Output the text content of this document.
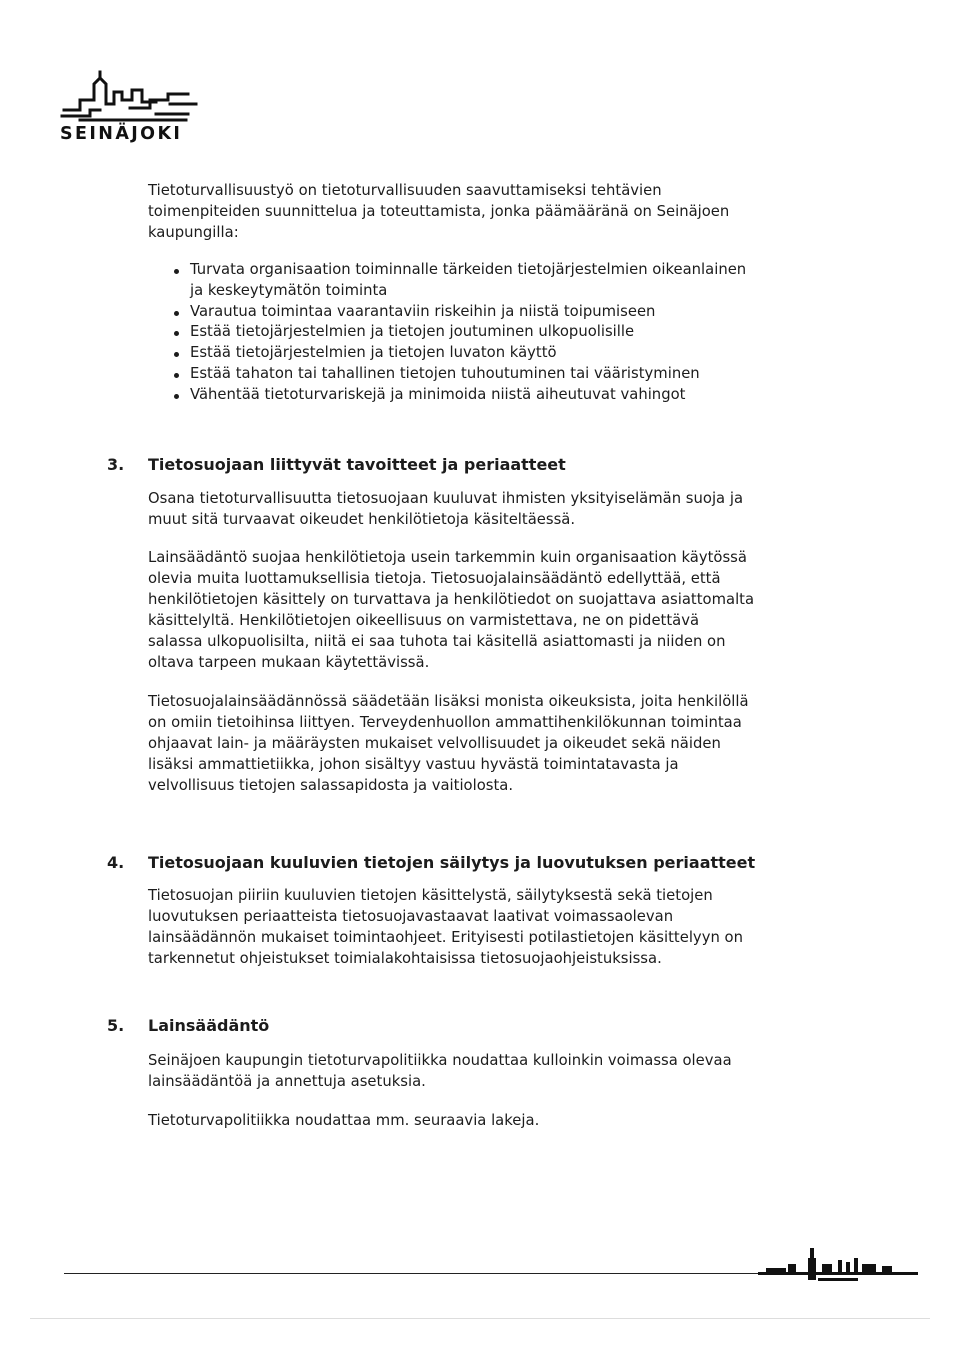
SEINÄJOKI
Tietoturvallisuustyö on tietoturvallisuuden saavuttamiseksi tehtävien
toimenpiteiden suunnittelua ja toteuttamista, jonka päämääränä on Seinäjoen
kaupungilla:
Turvata organisaation toiminnalle tärkeiden tietojärjestelmien oikeanlainen
ja keskeytymätön toiminta
Varautua toimintaa vaarantaviin riskeihin ja niistä toipumiseen
Estää tietojärjestelmien ja tietojen joutuminen ulkopuolisille
Estää tietojärjestelmien ja tietojen luvaton käyttö
Estää tahaton tai tahallinen tietojen tuhoutuminen tai vääristyminen
Vähentää tietoturvariskejä ja minimoida niistä aiheutuvat vahingot
3. Tietosuojaan liittyvät tavoitteet ja periaatteet
Osana tietoturvallisuutta tietosuojaan kuuluvat ihmisten yksityiselämän suoja ja
muut sitä turvaavat oikeudet henkilötietoja käsiteltäessä.
Lainsäädäntö suojaa henkilötietoja usein tarkemmin kuin organisaation käytössä
olevia muita luottamuksellisia tietoja. Tietosuojalainsäädäntö edellyttää, että
henkilötietojen käsittely on turvattava ja henkilötiedot on suojattava asiattomalta
käsittelyltä. Henkilötietojen oikeellisuus on varmistettava, ne on pidettävä
salassa ulkopuolisilta, niitä ei saa tuhota tai käsitellä asiattomasti ja niiden on
oltava tarpeen mukaan käytettävissä.
Tietosuojalainsäädännössä säädetään lisäksi monista oikeuksista, joita henkilöllä
on omiin tietoihinsa liittyen. Terveydenhuollon ammattihenkilökunnan toimintaa
ohjaavat lain- ja määräysten mukaiset velvollisuudet ja oikeudet sekä näiden
lisäksi ammattietiikka, johon sisältyy vastuu hyvästä toimintatavasta ja
velvollisuus tietojen salassapidosta ja vaitiolosta.
4. Tietosuojaan kuuluvien tietojen säilytys ja luovutuksen periaatteet
Tietosuojan piiriin kuuluvien tietojen käsittelystä, säilytyksestä sekä tietojen
luovutuksen periaatteista tietosuojavastaavat laativat voimassaolevan
lainsäädännön mukaiset toimintaohjeet. Erityisesti potilastietojen käsittelyyn on
tarkennetut ohjeistukset toimialakohtaisissa tietosuojaohjeistuksissa.
5. Lainsäädäntö
Seinäjoen kaupungin tietoturvapolitiikka noudattaa kulloinkin voimassa olevaa
lainsäädäntöä ja annettuja asetuksia.
Tietoturvapolitiikka noudattaa mm. seuraavia lakeja.
